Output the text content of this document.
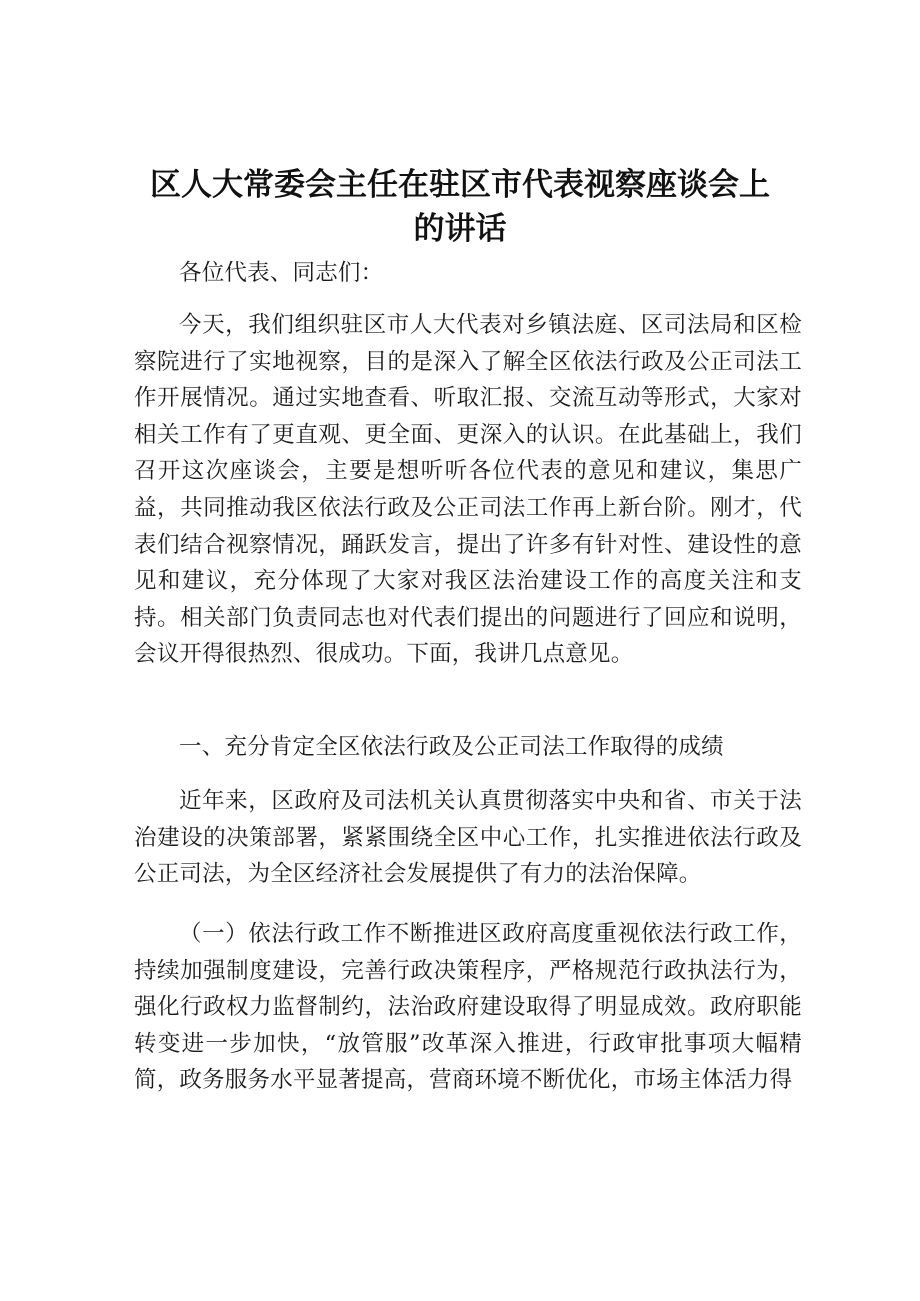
区人大常委会主任在驻区市代表视察座谈会上
的讲话

各位代表、同志们：

今天，我们组织驻区市人大代表对乡镇法庭、区司法局和区检察院进行了实地视察，目的是深入了解全区依法行政及公正司法工作开展情况。通过实地查看、听取汇报、交流互动等形式，大家对相关工作有了更直观、更全面、更深入的认识。在此基础上，我们召开这次座谈会，主要是想听听各位代表的意见和建议，集思广益，共同推动我区依法行政及公正司法工作再上新台阶。刚才，代表们结合视察情况，踊跃发言，提出了许多有针对性、建设性的意见和建议，充分体现了大家对我区法治建设工作的高度关注和支持。相关部门负责同志也对代表们提出的问题进行了回应和说明，会议开得很热烈、很成功。下面，我讲几点意见。

一、充分肯定全区依法行政及公正司法工作取得的成绩

近年来，区政府及司法机关认真贯彻落实中央和省、市关于法治建设的决策部署，紧紧围绕全区中心工作，扎实推进依法行政及公正司法，为全区经济社会发展提供了有力的法治保障。

（一）依法行政工作不断推进区政府高度重视依法行政工作，持续加强制度建设，完善行政决策程序，严格规范行政执法行为，强化行政权力监督制约，法治政府建设取得了明显成效。政府职能转变进一步加快，“放管服”改革深入推进，行政审批事项大幅精简，政务服务水平显著提高，营商环境不断优化，市场主体活力得
